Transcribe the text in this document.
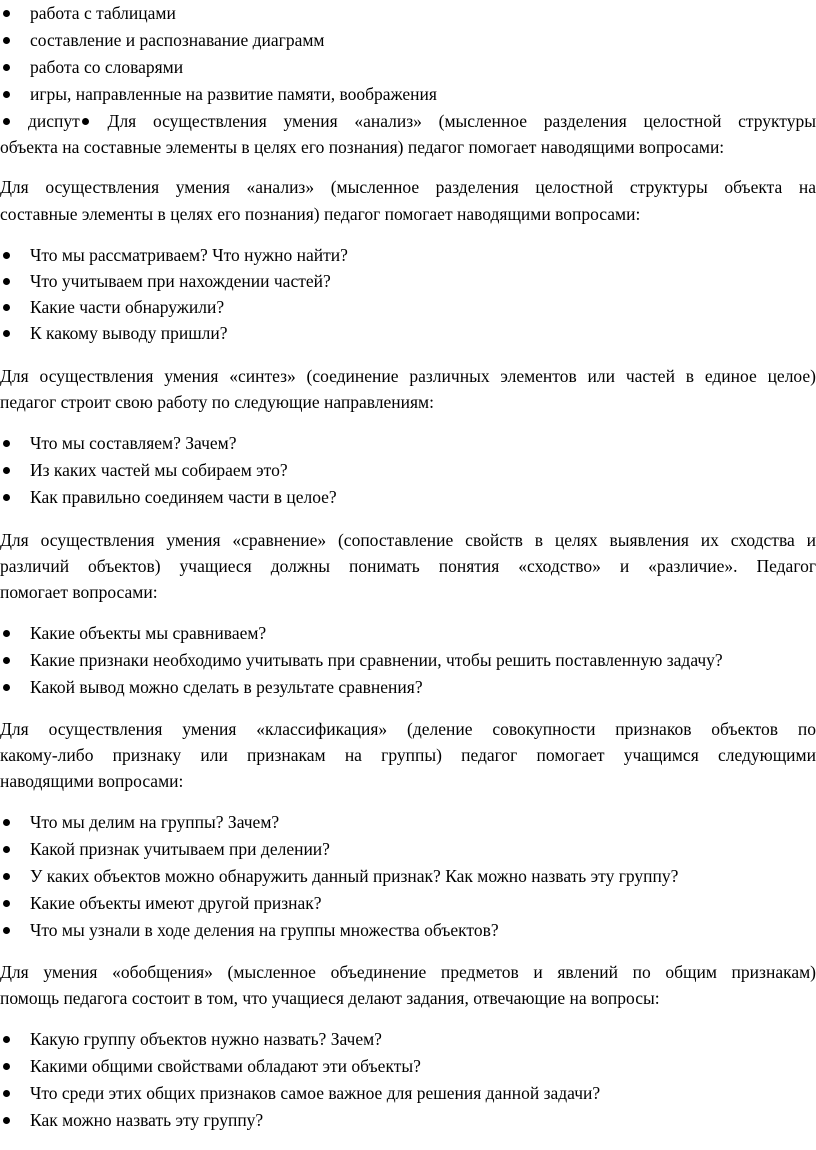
работа с таблицами
составление и распознавание диаграмм
работа со словарями
игры, направленные на развитие памяти, воображения
диспут Для осуществления умения «анализ» (мысленное разделения целостной структуры
объекта на составные элементы в целях его познания) педагог помогает наводящими вопросами:
Для осуществления умения «анализ» (мысленное разделения целостной структуры объекта на
составные элементы в целях его познания) педагог помогает наводящими вопросами:
Что мы рассматриваем? Что нужно найти?
Что учитываем при нахождении частей?
Какие части обнаружили?
К какому выводу пришли?
Для осуществления умения «синтез» (соединение различных элементов или частей в единое целое)
педагог строит свою работу по следующие направлениям:
Что мы составляем? Зачем?
Из каких частей мы собираем это?
Как правильно соединяем части в целое?
Для осуществления умения «сравнение» (сопоставление свойств в целях выявления их сходства и
различий объектов) учащиеся должны понимать понятия «сходство» и «различие». Педагог
помогает вопросами:
Какие объекты мы сравниваем?
Какие признаки необходимо учитывать при сравнении, чтобы решить поставленную задачу?
Какой вывод можно сделать в результате сравнения?
Для осуществления умения «классификация» (деление совокупности признаков объектов по
какому-либо признаку или признакам на группы) педагог помогает учащимся следующими
наводящими вопросами:
Что мы делим на группы? Зачем?
Какой признак учитываем при делении?
У каких объектов можно обнаружить данный признак? Как можно назвать эту группу?
Какие объекты имеют другой признак?
Что мы узнали в ходе деления на группы множества объектов?
Для умения «обобщения» (мысленное объединение предметов и явлений по общим признакам)
помощь педагога состоит в том, что учащиеся делают задания, отвечающие на вопросы:
Какую группу объектов нужно назвать? Зачем?
Какими общими свойствами обладают эти объекты?
Что среди этих общих признаков самое важное для решения данной задачи?
Как можно назвать эту группу?
